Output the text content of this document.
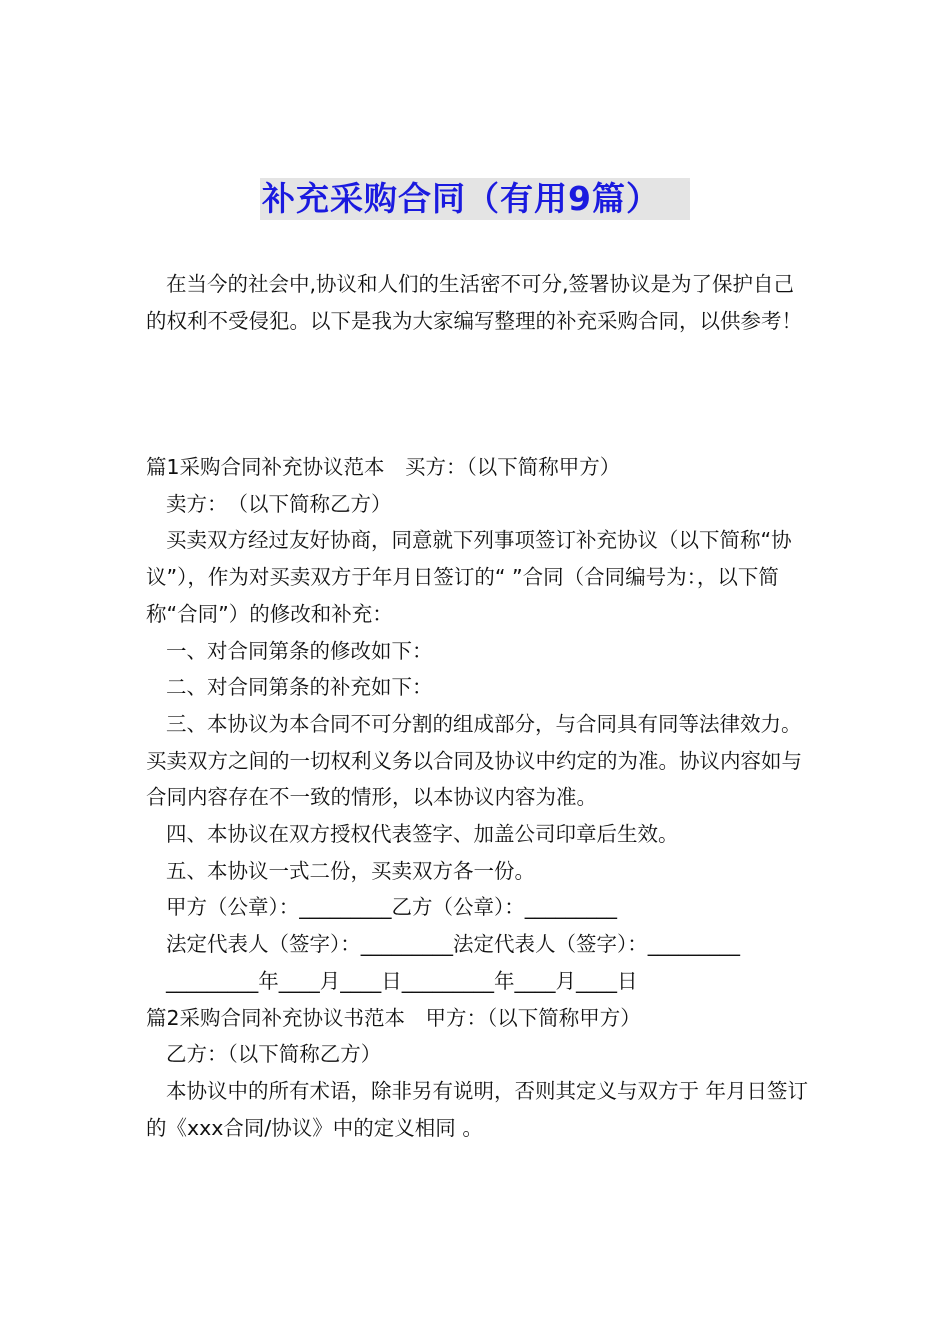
补充采购合同（有用9篇）

在当今的社会中,协议和人们的生活密不可分,签署协议是为了保护自己的权利不受侵犯。以下是我为大家编写整理的补充采购合同，以供参考！

篇1采购合同补充协议范本　买方：（以下简称甲方）

卖方：　（以下简称乙方）

买卖双方经过友好协商，同意就下列事项签订补充协议（以下简称“协议”），作为对买卖双方于年月日签订的“ ”合同（合同编号为：，以下简称“合同”）的修改和补充：

一、对合同第条的修改如下：

二、对合同第条的补充如下：

三、本协议为本合同不可分割的组成部分，与合同具有同等法律效力。买卖双方之间的一切权利义务以合同及协议中约定的为准。协议内容如与合同内容存在不一致的情形，以本协议内容为准。

四、本协议在双方授权代表签字、加盖公司印章后生效。

五、本协议一式二份，买卖双方各一份。

甲方（公章）：_________乙方（公章）：_________

法定代表人（签字）：_________法定代表人（签字）：_________

_________年____月____日_________年____月____日

篇2采购合同补充协议书范本　甲方：（以下简称甲方）

乙方：（以下简称乙方）

本协议中的所有术语，除非另有说明，否则其定义与双方于 年月日签订的《xxx合同/协议》中的定义相同 。
